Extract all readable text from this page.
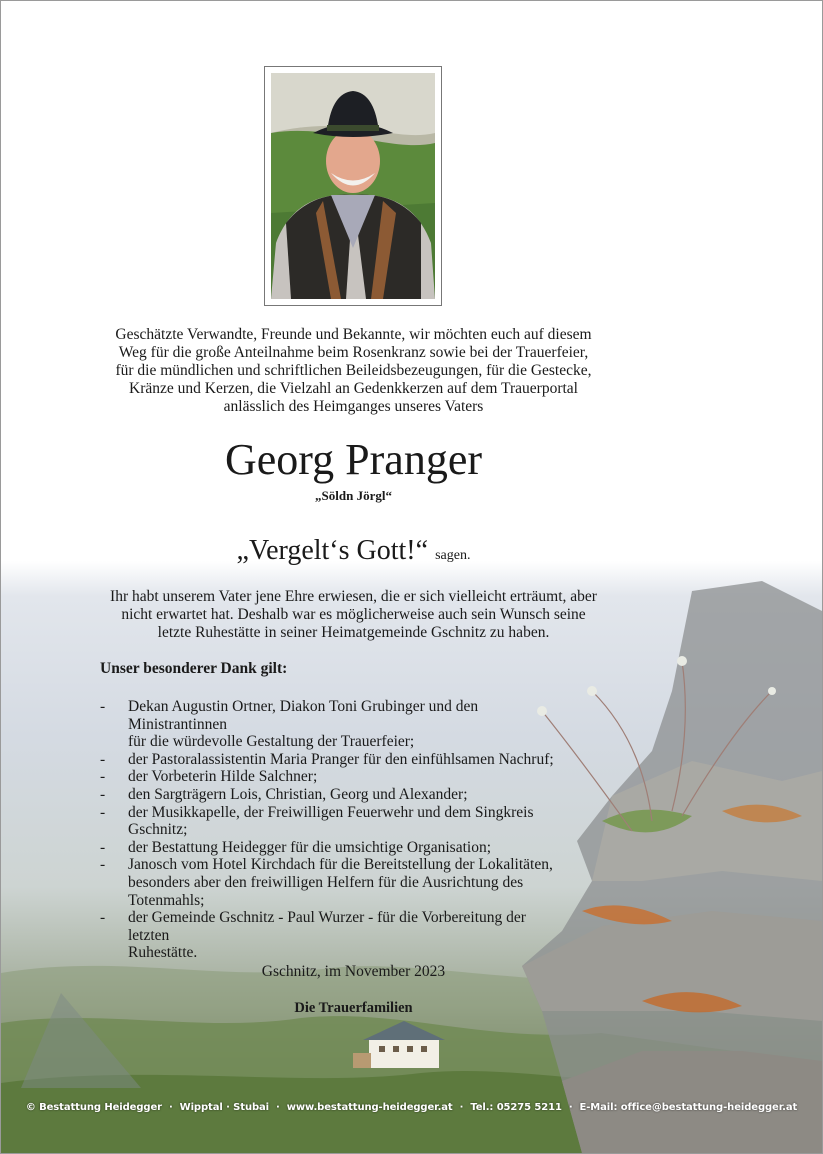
Geschätzte Verwandte, Freunde und Bekannte, wir möchten euch auf diesem
Weg für die große Anteilnahme beim Rosenkranz sowie bei der Trauerfeier,
für die mündlichen und schriftlichen Beileidsbezeugungen, für die Gestecke,
Kränze und Kerzen, die Vielzahl an Gedenkkerzen auf dem Trauerportal
anlässlich des Heimganges unseres Vaters
Georg Pranger
„Söldn Jörgl“
„Vergelt‘s Gott!“ sagen.
Ihr habt unserem Vater jene Ehre erwiesen, die er sich vielleicht erträumt, aber
nicht erwartet hat. Deshalb war es möglicherweise auch sein Wunsch seine
letzte Ruhestätte in seiner Heimatgemeinde Gschnitz zu haben.
Unser besonderer Dank gilt:
- Dekan Augustin Ortner, Diakon Toni Grubinger und den Ministrantinnen
für die würdevolle Gestaltung der Trauerfeier;
- der Pastoralassistentin Maria Pranger für den einfühlsamen Nachruf;
- der Vorbeterin Hilde Salchner;
- den Sargträgern Lois, Christian, Georg und Alexander;
- der Musikkapelle, der Freiwilligen Feuerwehr und dem Singkreis
Gschnitz;
- der Bestattung Heidegger für die umsichtige Organisation;
- Janosch vom Hotel Kirchdach für die Bereitstellung der Lokalitäten,
besonders aber den freiwilligen Helfern für die Ausrichtung des
Totenmahls;
- der Gemeinde Gschnitz - Paul Wurzer - für die Vorbereitung der letzten
Ruhestätte.
Gschnitz, im November 2023
Die Trauerfamilien
© Bestattung Heidegger · Wipptal · Stubai · www.bestattung-heidegger.at · Tel.: 05275 5211 · E-Mail: office@bestattung-heidegger.at
